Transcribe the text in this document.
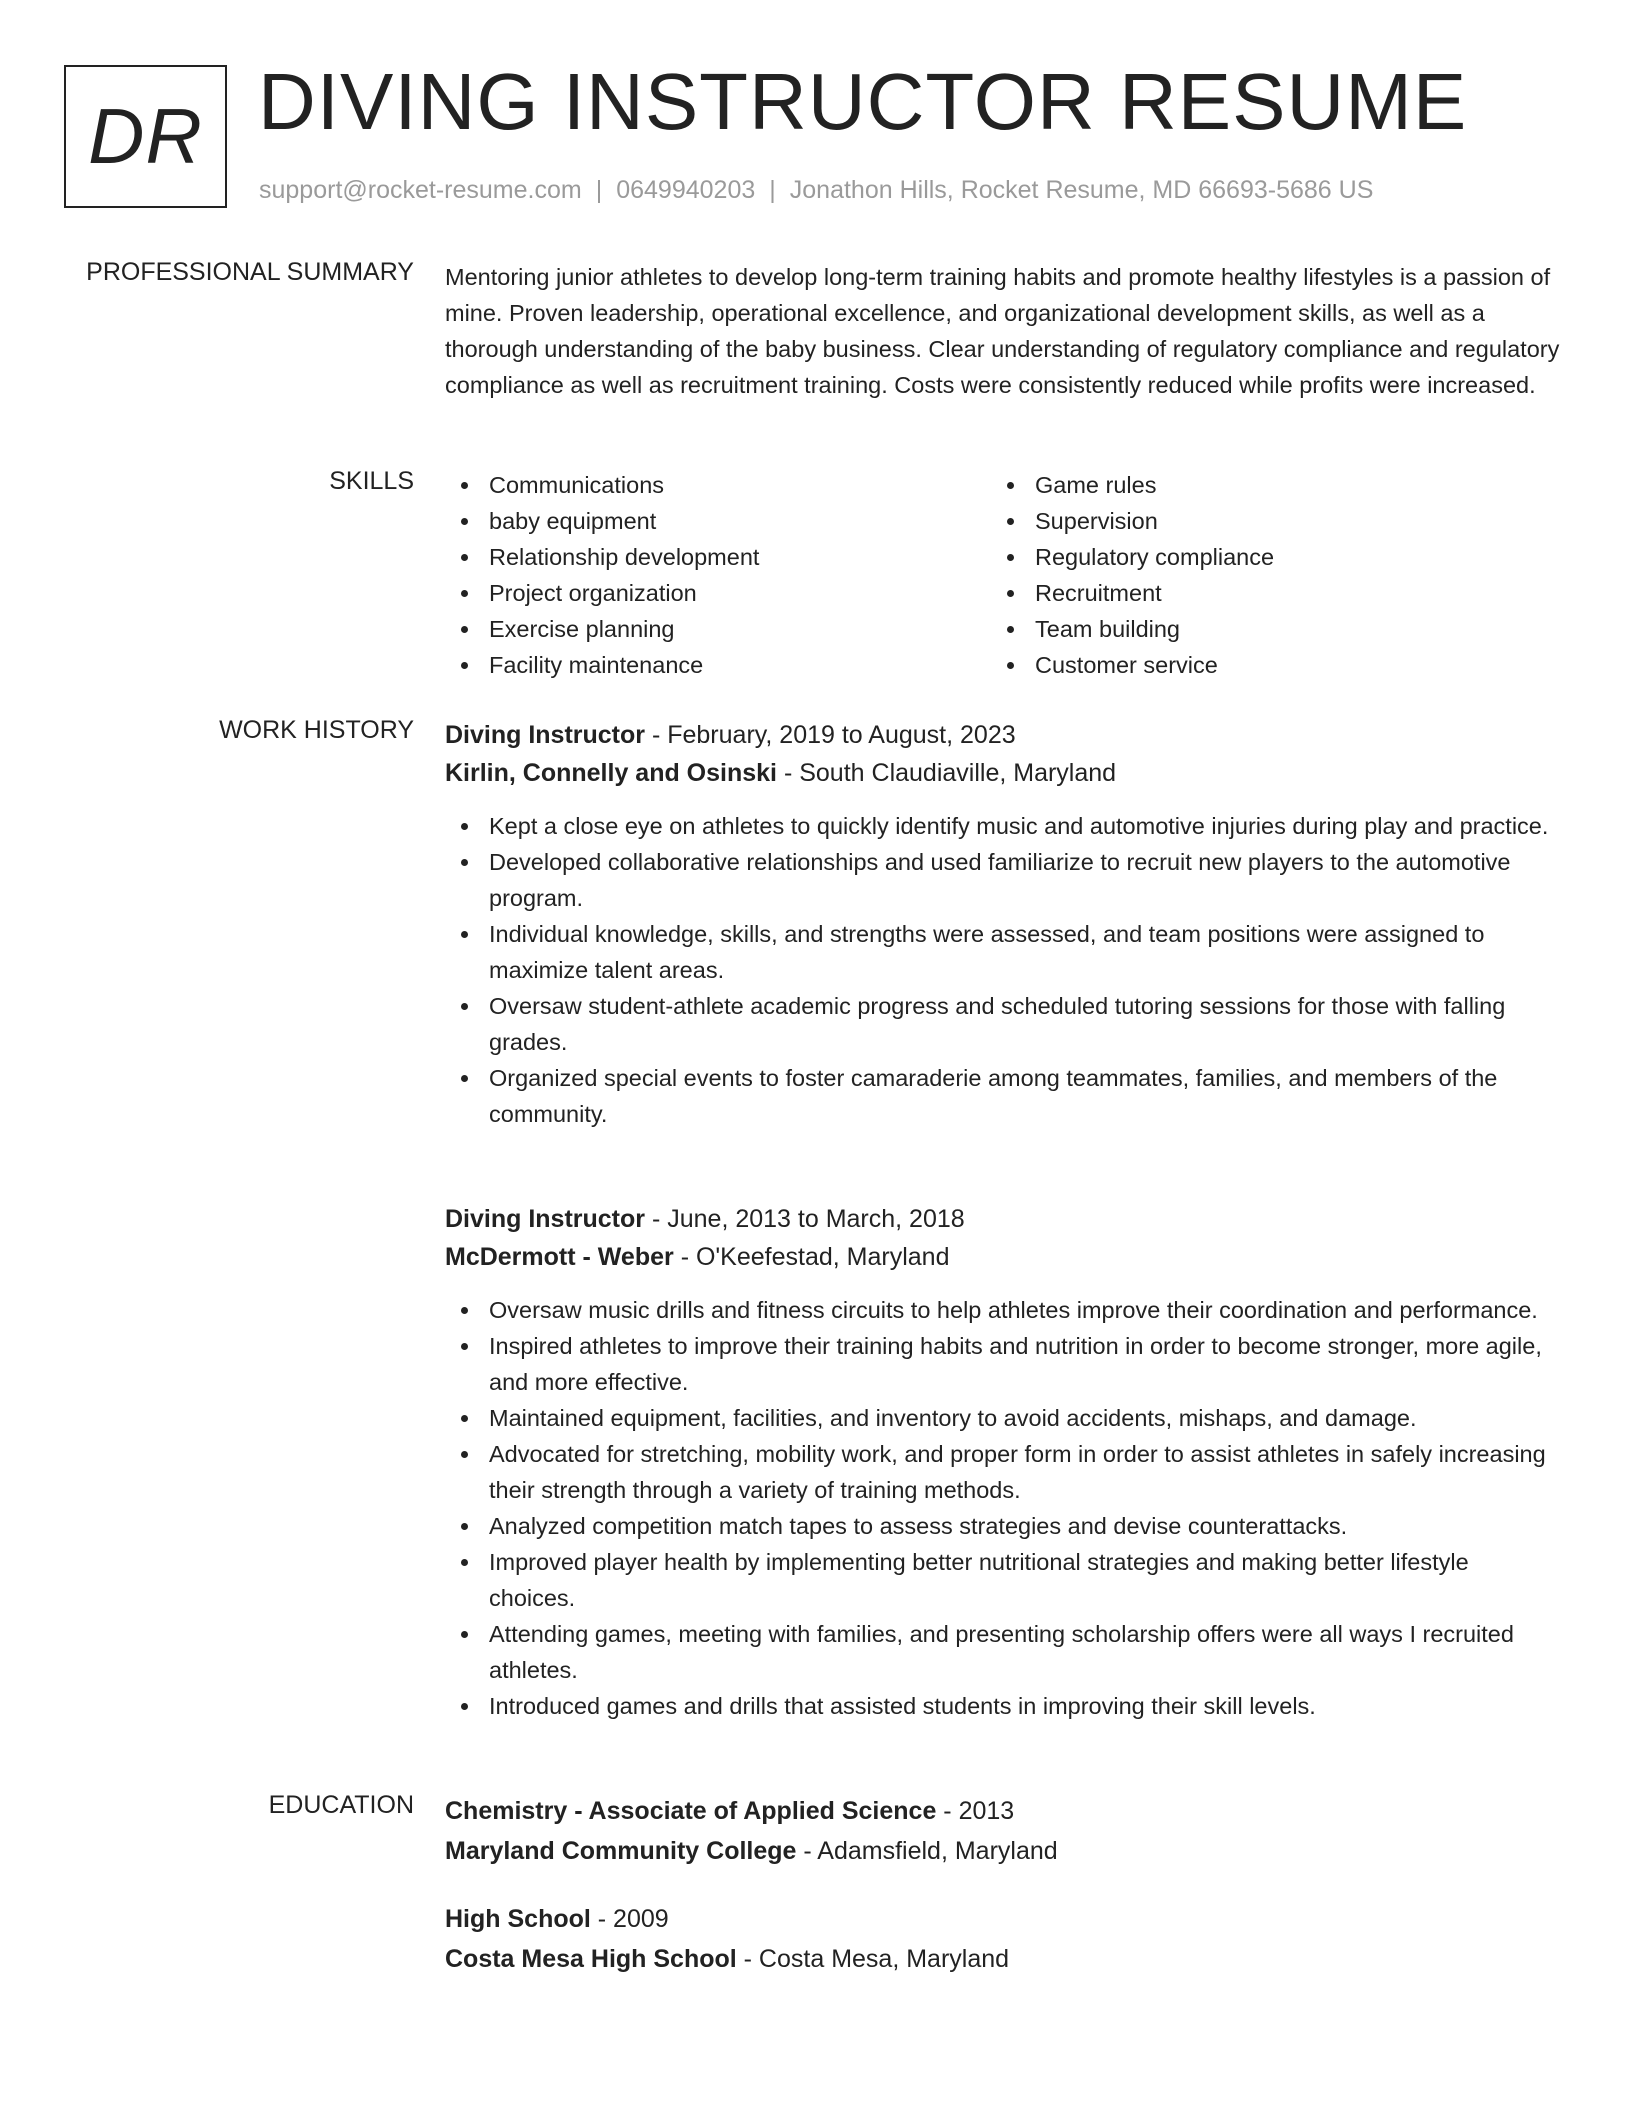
DR DIVING INSTRUCTOR RESUME
support@rocket-resume.com | 0649940203 | Jonathon Hills, Rocket Resume, MD 66693-5686 US
PROFESSIONAL SUMMARY Mentoring junior athletes to develop long-term training habits and promote healthy lifestyles is a passion of mine. Proven leadership, operational excellence, and organizational development skills, as well as a thorough understanding of the baby business. Clear understanding of regulatory compliance and regulatory compliance as well as recruitment training. Costs were consistently reduced while profits were increased.

SKILLS	Communications
baby equipment
Relationship development
Project organization
Exercise planning
Facility maintenance
Game rules
Supervision
Regulatory compliance
Recruitment
Team building
Customer service
WORK HISTORY Diving Instructor - February, 2019 to August, 2023
Kirlin, Connelly and Osinski - South Claudiaville, Maryland
Kept a close eye on athletes to quickly identify music and automotive injuries during play and practice.
Developed collaborative relationships and used familiarize to recruit new players to the automotive program.
Individual knowledge, skills, and strengths were assessed, and team positions were assigned to maximize talent areas.
Oversaw student-athlete academic progress and scheduled tutoring sessions for those with falling grades.
Organized special events to foster camaraderie among teammates, families, and members of the community.
Diving Instructor - June, 2013 to March, 2018
McDermott - Weber - O'Keefestad, Maryland
Oversaw music drills and fitness circuits to help athletes improve their coordination and performance.
Inspired athletes to improve their training habits and nutrition in order to become stronger, more agile, and more effective.
Maintained equipment, facilities, and inventory to avoid accidents, mishaps, and damage.
Advocated for stretching, mobility work, and proper form in order to assist athletes in safely increasing their strength through a variety of training methods.
Analyzed competition match tapes to assess strategies and devise counterattacks.
Improved player health by implementing better nutritional strategies and making better lifestyle choices.
Attending games, meeting with families, and presenting scholarship offers were all ways I recruited athletes.
Introduced games and drills that assisted students in improving their skill levels.
EDUCATION Chemistry - Associate of Applied Science - 2013
Maryland Community College - Adamsfield, Maryland
High School - 2009
Costa Mesa High School - Costa Mesa, Maryland
